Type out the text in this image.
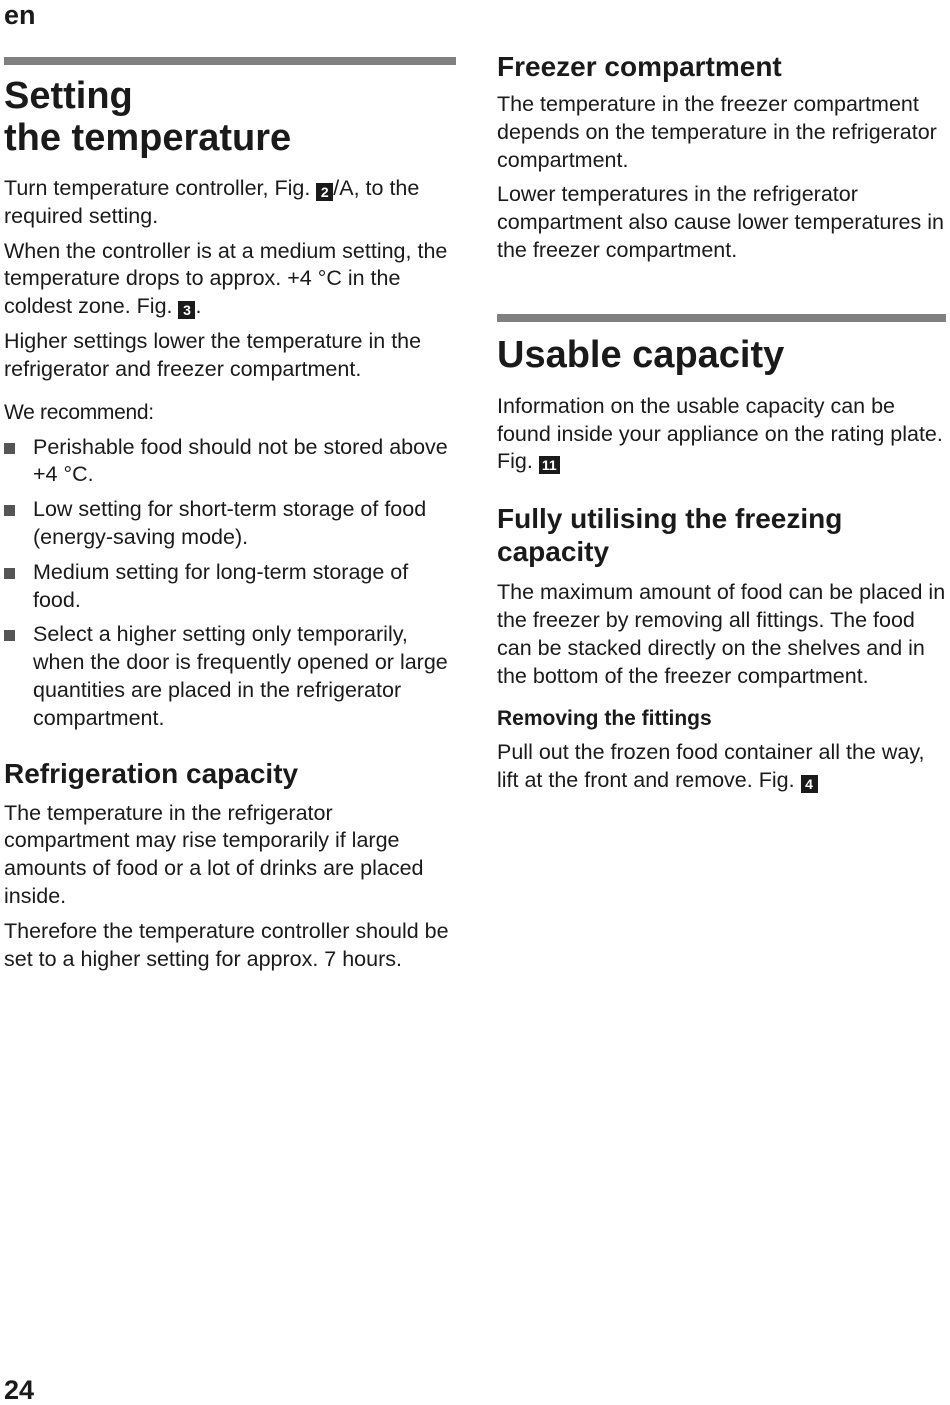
en
Setting
the temperature

Turn temperature controller, Fig. 2 /A, to the required setting.

When the controller is at a medium setting, the temperature drops to approx. +4 °C in the coldest zone. Fig. 3 .

Higher settings lower the temperature in the refrigerator and freezer compartment.

We recommend:

Perishable food should not be stored above +4 °C.
Low setting for short-term storage of food (energy-saving mode).
Medium setting for long-term storage of food.
Select a higher setting only temporarily, when the door is frequently opened or large quantities are placed in the refrigerator compartment.

Refrigeration capacity

The temperature in the refrigerator compartment may rise temporarily if large amounts of food or a lot of drinks are placed inside.

Therefore the temperature controller should be set to a higher setting for approx. 7 hours.

Freezer compartment

The temperature in the freezer compartment depends on the temperature in the refrigerator compartment.

Lower temperatures in the refrigerator compartment also cause lower temperatures in the freezer compartment.

Usable capacity

Information on the usable capacity can be found inside your appliance on the rating plate. Fig. 11

Fully utilising the freezing capacity

The maximum amount of food can be placed in the freezer by removing all fittings. The food can be stacked directly on the shelves and in the bottom of the freezer compartment.

Removing the fittings

Pull out the frozen food container all the way, lift at the front and remove. Fig. 4

24
